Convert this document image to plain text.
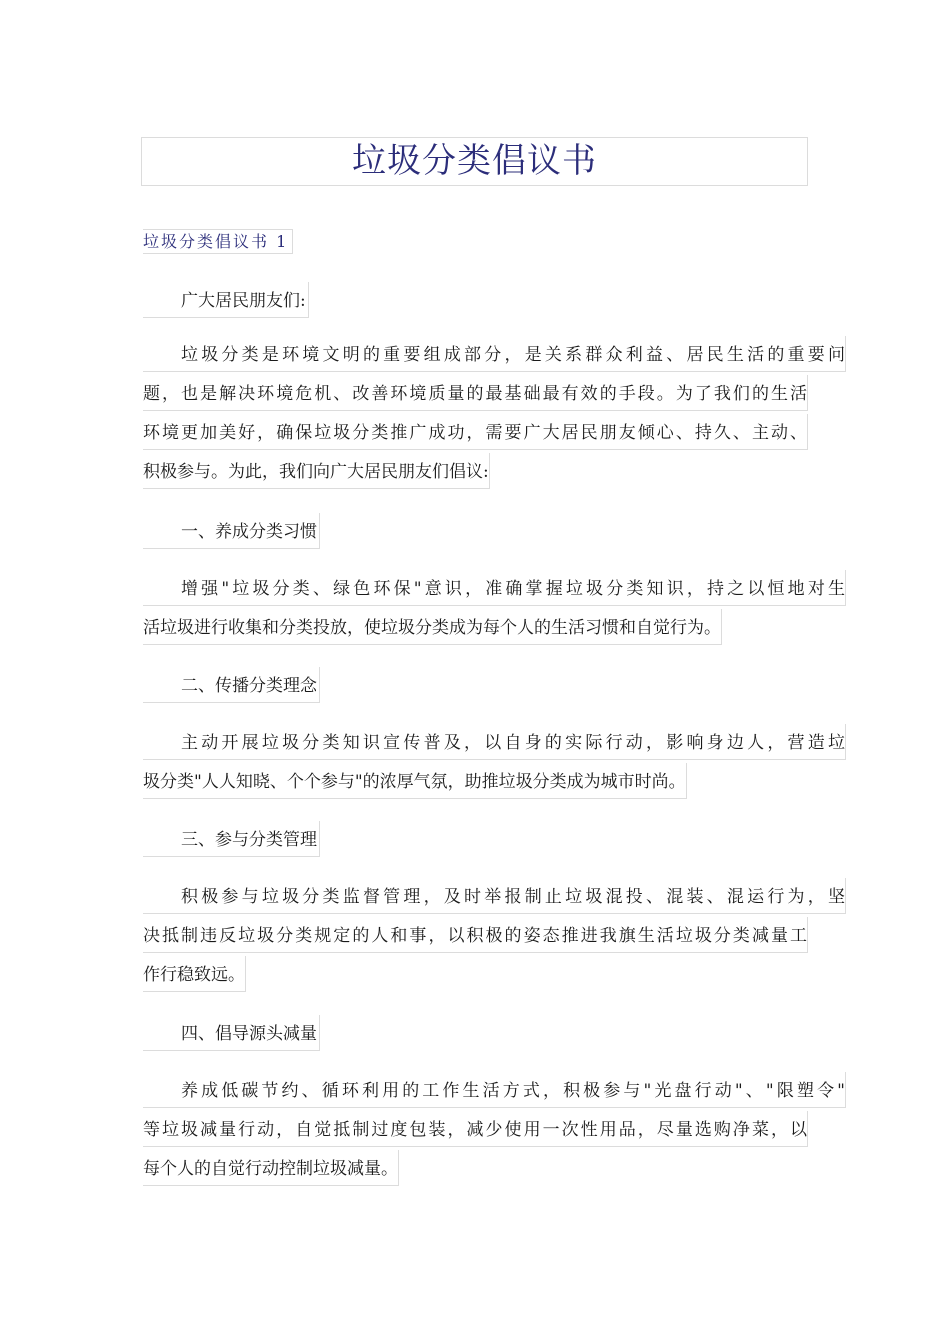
垃圾分类倡议书
垃圾分类倡议书 1
广大居民朋友们:
垃圾分类是环境文明的重要组成部分，是关系群众利益、居民生活的重要问
题，也是解决环境危机、改善环境质量的最基础最有效的手段。为了我们的生活
环境更加美好，确保垃圾分类推广成功，需要广大居民朋友倾心、持久、主动、
积极参与。为此，我们向广大居民朋友们倡议:
一、养成分类习惯
增强"垃圾分类、绿色环保"意识，准确掌握垃圾分类知识，持之以恒地对生
活垃圾进行收集和分类投放，使垃圾分类成为每个人的生活习惯和自觉行为。
二、传播分类理念
主动开展垃圾分类知识宣传普及，以自身的实际行动，影响身边人，营造垃
圾分类"人人知晓、个个参与"的浓厚气氛，助推垃圾分类成为城市时尚。
三、参与分类管理
积极参与垃圾分类监督管理，及时举报制止垃圾混投、混装、混运行为，坚
决抵制违反垃圾分类规定的人和事，以积极的姿态推进我旗生活垃圾分类减量工
作行稳致远。
四、倡导源头减量
养成低碳节约、循环利用的工作生活方式，积极参与"光盘行动"、"限塑令"
等垃圾减量行动，自觉抵制过度包装，减少使用一次性用品，尽量选购净菜，以
每个人的自觉行动控制垃圾减量。
